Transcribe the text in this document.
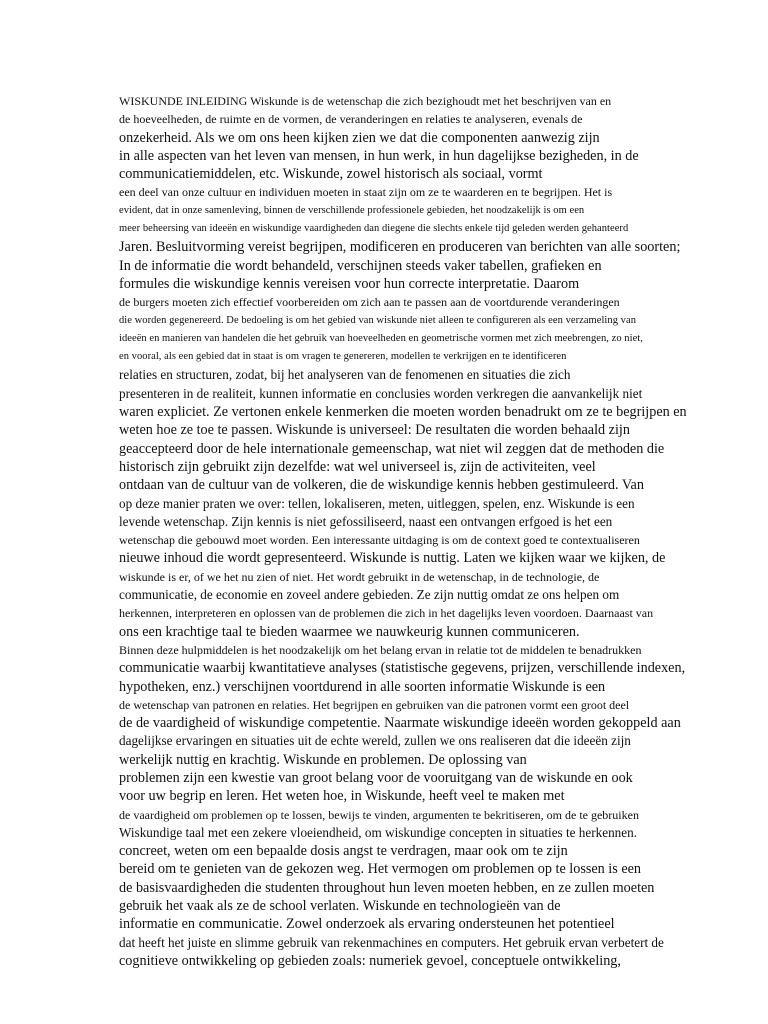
WISKUNDE INLEIDING Wiskunde is de wetenschap die zich bezighoudt met het beschrijven van en
de hoeveelheden, de ruimte en de vormen, de veranderingen en relaties te analyseren, evenals de
onzekerheid. Als we om ons heen kijken zien we dat die componenten aanwezig zijn
in alle aspecten van het leven van mensen, in hun werk, in hun dagelijkse bezigheden, in de
communicatiemiddelen, etc. Wiskunde, zowel historisch als sociaal, vormt
een deel van onze cultuur en individuen moeten in staat zijn om ze te waarderen en te begrijpen. Het is
evident, dat in onze samenleving, binnen de verschillende professionele gebieden, het noodzakelijk is om een
meer beheersing van ideeën en wiskundige vaardigheden dan diegene die slechts enkele tijd geleden werden gehanteerd
Jaren. Besluitvorming vereist begrijpen, modificeren en produceren van berichten van alle soorten;
In de informatie die wordt behandeld, verschijnen steeds vaker tabellen, grafieken en
formules die wiskundige kennis vereisen voor hun correcte interpretatie. Daarom
de burgers moeten zich effectief voorbereiden om zich aan te passen aan de voortdurende veranderingen
die worden gegenereerd. De bedoeling is om het gebied van wiskunde niet alleen te configureren als een verzameling van
ideeën en manieren van handelen die het gebruik van hoeveelheden en geometrische vormen met zich meebrengen, zo niet,
en vooral, als een gebied dat in staat is om vragen te genereren, modellen te verkrijgen en te identificeren
relaties en structuren, zodat, bij het analyseren van de fenomenen en situaties die zich
presenteren in de realiteit, kunnen informatie en conclusies worden verkregen die aanvankelijk niet
waren expliciet. Ze vertonen enkele kenmerken die moeten worden benadrukt om ze te begrijpen en
weten hoe ze toe te passen. Wiskunde is universeel: De resultaten die worden behaald zijn
geaccepteerd door de hele internationale gemeenschap, wat niet wil zeggen dat de methoden die
historisch zijn gebruikt zijn dezelfde: wat wel universeel is, zijn de activiteiten, veel
ontdaan van de cultuur van de volkeren, die de wiskundige kennis hebben gestimuleerd. Van
op deze manier praten we over: tellen, lokaliseren, meten, uitleggen, spelen, enz. Wiskunde is een
levende wetenschap. Zijn kennis is niet gefossiliseerd, naast een ontvangen erfgoed is het een
wetenschap die gebouwd moet worden. Een interessante uitdaging is om de context goed te contextualiseren
nieuwe inhoud die wordt gepresenteerd. Wiskunde is nuttig. Laten we kijken waar we kijken, de
wiskunde is er, of we het nu zien of niet. Het wordt gebruikt in de wetenschap, in de technologie, de
communicatie, de economie en zoveel andere gebieden. Ze zijn nuttig omdat ze ons helpen om
herkennen, interpreteren en oplossen van de problemen die zich in het dagelijks leven voordoen. Daarnaast van
ons een krachtige taal te bieden waarmee we nauwkeurig kunnen communiceren.
Binnen deze hulpmiddelen is het noodzakelijk om het belang ervan in relatie tot de middelen te benadrukken
communicatie waarbij kwantitatieve analyses (statistische gegevens, prijzen, verschillende indexen,
hypotheken, enz.) verschijnen voortdurend in alle soorten informatie Wiskunde is een
de wetenschap van patronen en relaties. Het begrijpen en gebruiken van die patronen vormt een groot deel
de de vaardigheid of wiskundige competentie. Naarmate wiskundige ideeën worden gekoppeld aan
dagelijkse ervaringen en situaties uit de echte wereld, zullen we ons realiseren dat die ideeën zijn
werkelijk nuttig en krachtig. Wiskunde en problemen. De oplossing van
problemen zijn een kwestie van groot belang voor de vooruitgang van de wiskunde en ook
voor uw begrip en leren. Het weten hoe, in Wiskunde, heeft veel te maken met
de vaardigheid om problemen op te lossen, bewijs te vinden, argumenten te bekritiseren, om de te gebruiken
Wiskundige taal met een zekere vloeiendheid, om wiskundige concepten in situaties te herkennen.
concreet, weten om een bepaalde dosis angst te verdragen, maar ook om te zijn
bereid om te genieten van de gekozen weg. Het vermogen om problemen op te lossen is een
de basisvaardigheden die studenten throughout hun leven moeten hebben, en ze zullen moeten
gebruik het vaak als ze de school verlaten. Wiskunde en technologieën van de
informatie en communicatie. Zowel onderzoek als ervaring ondersteunen het potentieel
dat heeft het juiste en slimme gebruik van rekenmachines en computers. Het gebruik ervan verbetert de
cognitieve ontwikkeling op gebieden zoals: numeriek gevoel, conceptuele ontwikkeling,
